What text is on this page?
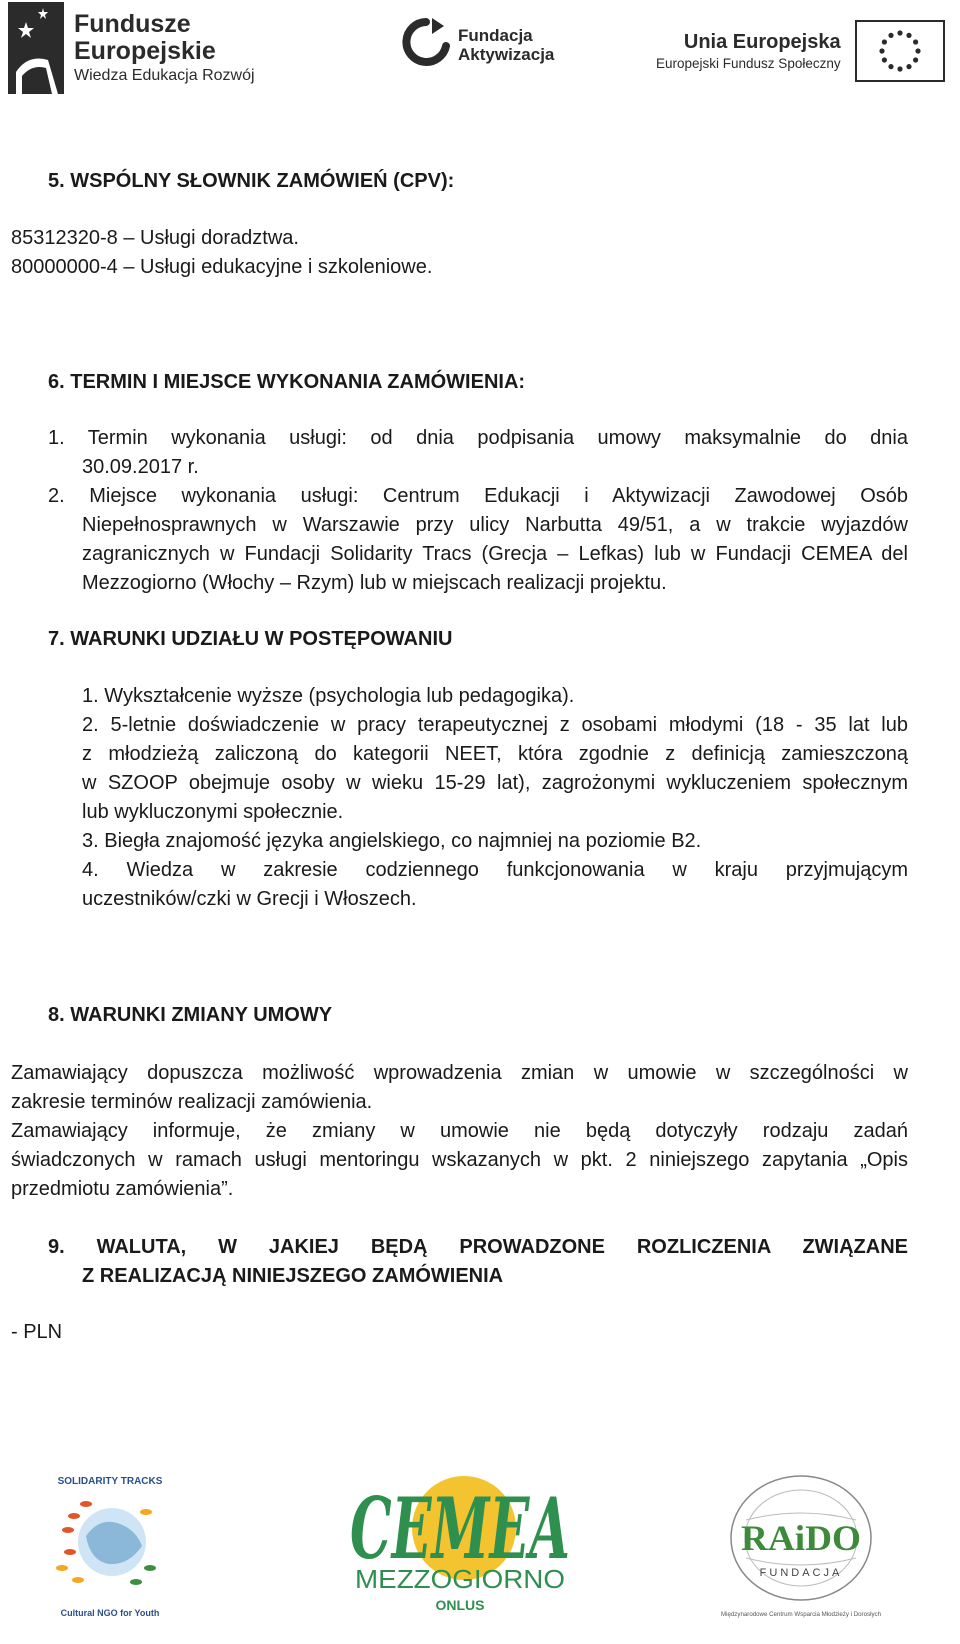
Fundusze
Europejskie
Wiedza Edukacja Rozwój
Fundacja
Aktywizacja
Unia Europejska
Europejski Fundusz Społeczny

5. WSPÓLNY SŁOWNIK ZAMÓWIEŃ (CPV):

85312320-8 – Usługi doradztwa.

80000000-4 – Usługi edukacyjne i szkoleniowe.

6. TERMIN I MIEJSCE WYKONANIA ZAMÓWIENIA:

1. Termin wykonania usługi: od dnia podpisania umowy maksymalnie do dnia

30.09.2017 r.

2. Miejsce wykonania usługi: Centrum Edukacji i Aktywizacji Zawodowej Osób

Niepełnosprawnych w Warszawie przy ulicy Narbutta 49/51, a w trakcie wyjazdów

zagranicznych w Fundacji Solidarity Tracs (Grecja – Lefkas) lub w Fundacji CEMEA del

Mezzogiorno (Włochy – Rzym) lub w miejscach realizacji projektu.

7. WARUNKI UDZIAŁU W POSTĘPOWANIU

1. Wykształcenie wyższe (psychologia lub pedagogika).

2. 5-letnie doświadczenie w pracy terapeutycznej z osobami młodymi (18 - 35 lat lub

z młodzieżą zaliczoną do kategorii NEET, która zgodnie z definicją zamieszczoną

w SZOOP obejmuje osoby w wieku 15-29 lat), zagrożonymi wykluczeniem społecznym

lub wykluczonymi społecznie.

3. Biegła znajomość języka angielskiego, co najmniej na poziomie B2.

4. Wiedza w zakresie codziennego funkcjonowania w kraju przyjmującym

uczestników/czki w Grecji i Włoszech.

8. WARUNKI ZMIANY UMOWY

Zamawiający dopuszcza możliwość wprowadzenia zmian w umowie w szczególności w

zakresie terminów realizacji zamówienia.

Zamawiający informuje, że zmiany w umowie nie będą dotyczyły rodzaju zadań

świadczonych w ramach usługi mentoringu wskazanych w pkt. 2 niniejszego zapytania „Opis

przedmiotu zamówienia”.

9. WALUTA, W JAKIEJ BĘDĄ PROWADZONE ROZLICZENIA ZWIĄZANE

Z REALIZACJĄ NINIEJSZEGO ZAMÓWIENIA

- PLN

SOLIDARITY TRACKS
Cultural NGO for Youth
CEMEA
MEZZOGIORNO
ONLUS
RAiDO
FUNDACJA
Międzynarodowe Centrum Wsparcia Młodzieży i Dorosłych
